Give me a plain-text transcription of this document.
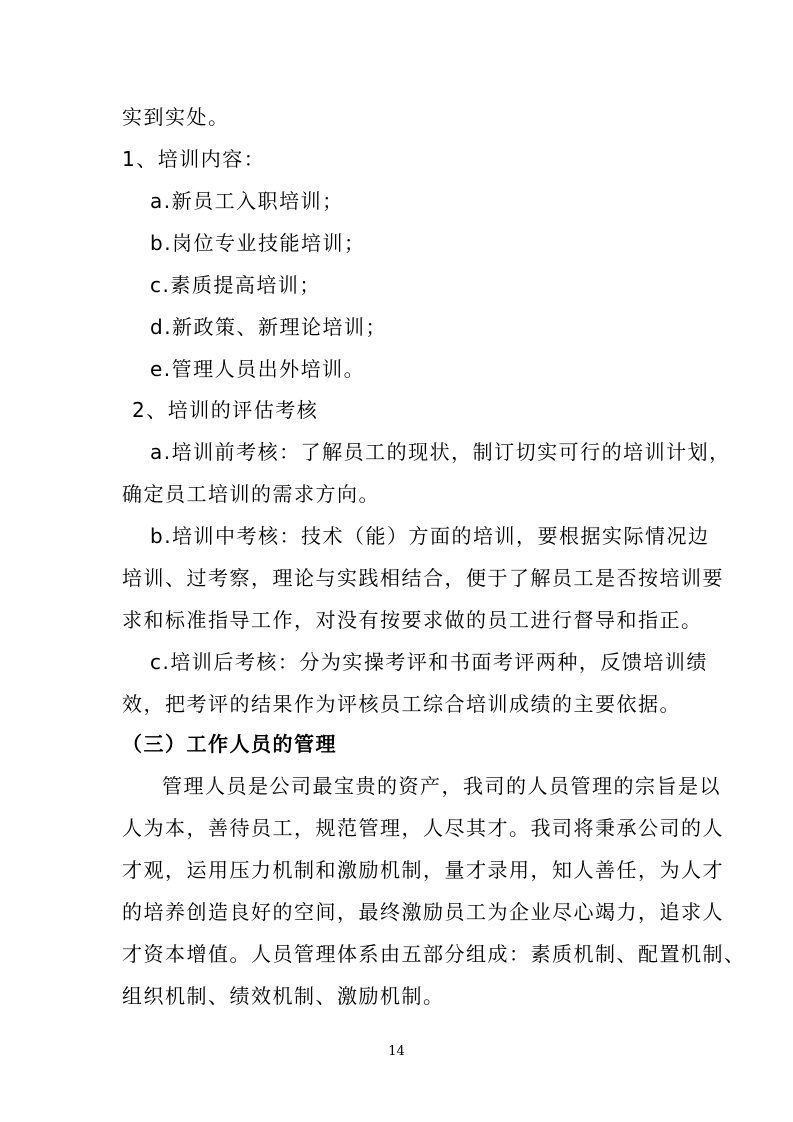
实到实处。
1、培训内容：
a.新员工入职培训；
b.岗位专业技能培训；
c.素质提高培训；
d.新政策、新理论培训；
e.管理人员出外培训。
2、培训的评估考核
a.培训前考核：了解员工的现状，制订切实可行的培训计划，
确定员工培训的需求方向。
b.培训中考核：技术（能）方面的培训，要根据实际情况边
培训、过考察，理论与实践相结合，便于了解员工是否按培训要
求和标准指导工作，对没有按要求做的员工进行督导和指正。
c.培训后考核：分为实操考评和书面考评两种，反馈培训绩
效，把考评的结果作为评核员工综合培训成绩的主要依据。
（三）工作人员的管理
管理人员是公司最宝贵的资产，我司的人员管理的宗旨是以
人为本，善待员工，规范管理，人尽其才。我司将秉承公司的人
才观，运用压力机制和激励机制，量才录用，知人善任，为人才
的培养创造良好的空间，最终激励员工为企业尽心竭力，追求人
才资本增值。人员管理体系由五部分组成：素质机制、配置机制、
组织机制、绩效机制、激励机制。
14
